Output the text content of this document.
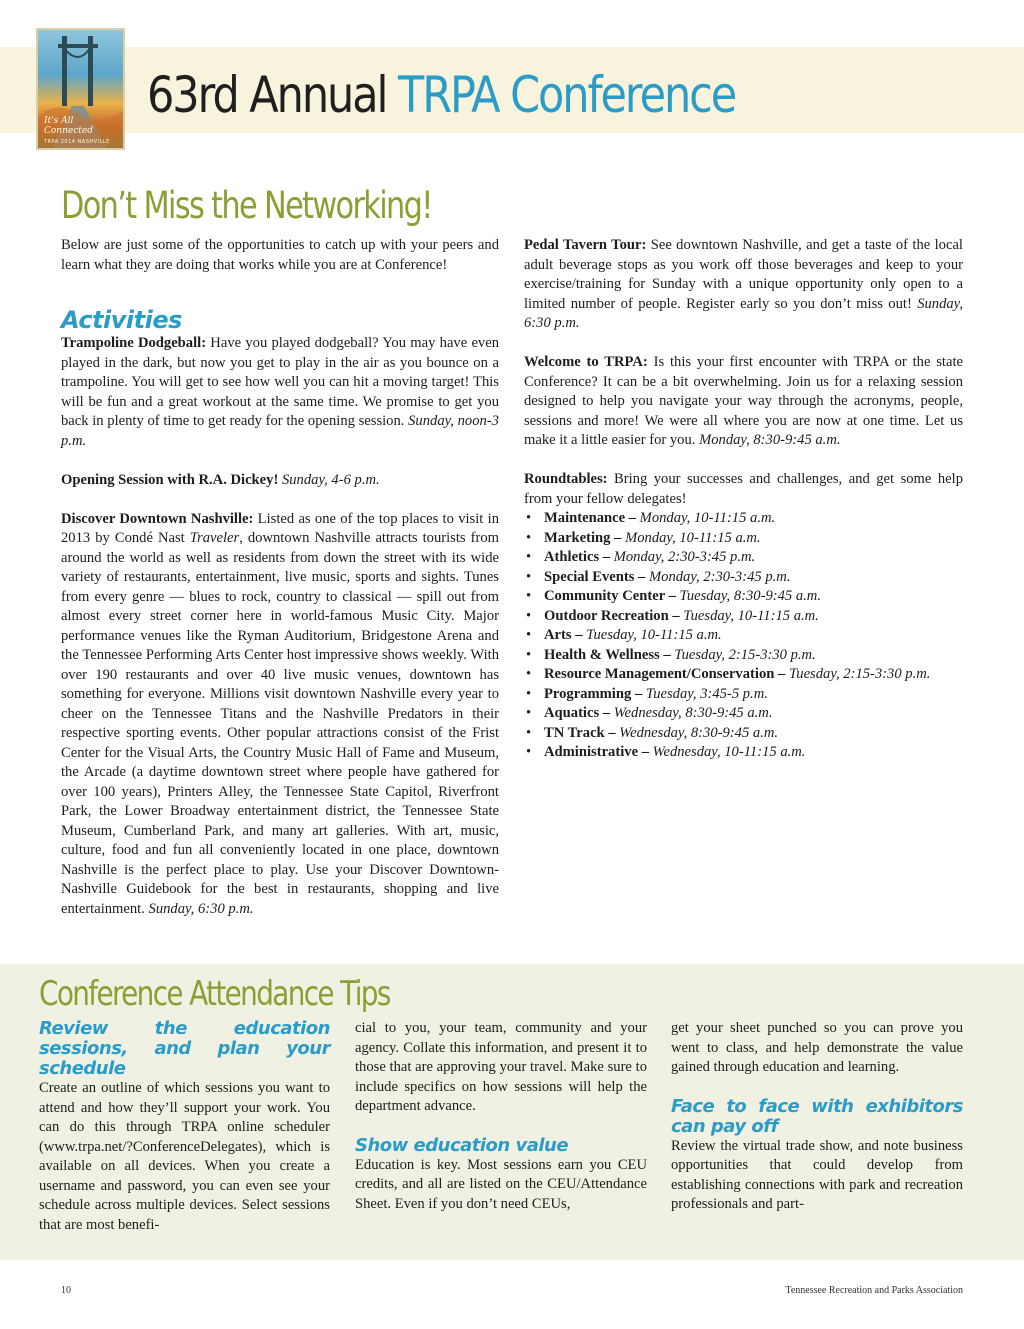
It's All Connected
TRPA 2014 NASHVILLE
63rd Annual TRPA Conference
Don’t Miss the Networking!

Below are just some of the opportunities to catch up with your peers and learn what they are doing that works while you are at Conference!

Activities

Trampoline Dodgeball: Have you played dodgeball? You may have even played in the dark, but now you get to play in the air as you bounce on a trampoline. You will get to see how well you can hit a moving target! This will be fun and a great workout at the same time. We promise to get you back in plenty of time to get ready for the opening session. Sunday, noon-3 p.m.

Opening Session with R.A. Dickey! Sunday, 4-6 p.m.

Discover Downtown Nashville: Listed as one of the top places to visit in 2013 by Condé Nast Traveler, downtown Nashville attracts tourists from around the world as well as residents from down the street with its wide variety of restaurants, entertainment, live music, sports and sights. Tunes from every genre — blues to rock, country to classical — spill out from almost every street corner here in world-famous Music City. Major performance venues like the Ryman Auditorium, Bridgestone Arena and the Tennessee Performing Arts Center host impressive shows weekly. With over 190 restaurants and over 40 live music venues, downtown has something for everyone. Millions visit downtown Nashville every year to cheer on the Tennessee Titans and the Nashville Predators in their respective sporting events. Other popular attractions consist of the Frist Center for the Visual Arts, the Country Music Hall of Fame and Museum, the Arcade (a daytime downtown street where people have gathered for over 100 years), Printers Alley, the Tennessee State Capitol, Riverfront Park, the Lower Broadway entertainment district, the Tennessee State Museum, Cumberland Park, and many art galleries. With art, music, culture, food and fun all conveniently located in one place, downtown Nashville is the perfect place to play. Use your Discover Downtown-Nashville Guidebook for the best in restaurants, shopping and live entertainment. Sunday, 6:30 p.m.

Pedal Tavern Tour: See downtown Nashville, and get a taste of the local adult beverage stops as you work off those beverages and keep to your exercise/training for Sunday with a unique opportunity only open to a limited number of people. Register early so you don’t miss out! Sunday, 6:30 p.m.

Welcome to TRPA: Is this your first encounter with TRPA or the state Conference? It can be a bit overwhelming. Join us for a relaxing session designed to help you navigate your way through the acronyms, people, sessions and more! We were all where you are now at one time. Let us make it a little easier for you. Monday, 8:30-9:45 a.m.

Roundtables: Bring your successes and challenges, and get some help from your fellow delegates!

• Maintenance – Monday, 10-11:15 a.m.
• Marketing – Monday, 10-11:15 a.m.
• Athletics – Monday, 2:30-3:45 p.m.
• Special Events – Monday, 2:30-3:45 p.m.
• Community Center – Tuesday, 8:30-9:45 a.m.
• Outdoor Recreation – Tuesday, 10-11:15 a.m.
• Arts – Tuesday, 10-11:15 a.m.
• Health & Wellness – Tuesday, 2:15-3:30 p.m.
• Resource Management/Conservation – Tuesday, 2:15-3:30 p.m.
• Programming – Tuesday, 3:45-5 p.m.
• Aquatics – Wednesday, 8:30-9:45 a.m.
• TN Track – Wednesday, 8:30-9:45 a.m.
• Administrative – Wednesday, 10-11:15 a.m.
Conference Attendance Tips
Review the education sessions, and plan your schedule

Create an outline of which sessions you want to attend and how they’ll support your work. You can do this through TRPA online scheduler (www.trpa.net/?ConferenceDelegates), which is available on all devices. When you create a username and password, you can even see your schedule across multiple devices. Select sessions that are most benefi-

cial to you, your team, community and your agency. Collate this information, and present it to those that are approving your travel. Make sure to include specifics on how sessions will help the department advance.

Show education value

Education is key. Most sessions earn you CEU credits, and all are listed on the CEU/Attendance Sheet. Even if you don’t need CEUs,

get your sheet punched so you can prove you went to class, and help demonstrate the value gained through education and learning.

Face to face with exhibitors can pay off

Review the virtual trade show, and note business opportunities that could develop from establishing connections with park and recreation professionals and part-

10	Tennessee Recreation and Parks Association
